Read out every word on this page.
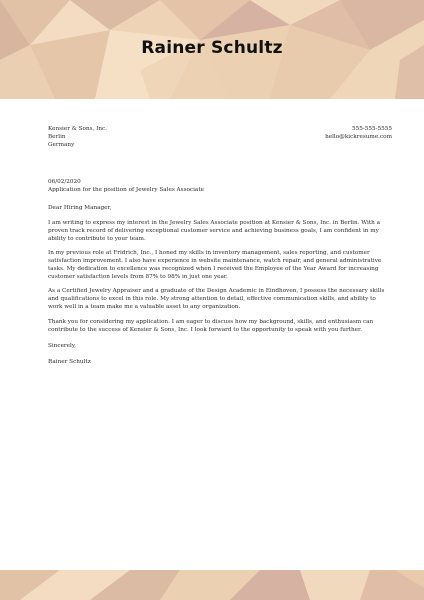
Rainer Schultz
Kensier & Sons, Inc.
Berlin
Germany
555-555-5555
hello@kickresume.com
06/02/2020
Application for the position of Jewelry Sales Associate
Dear Hiring Manager,

I am writing to express my interest in the Jewelry Sales Associate position at Kensier & Sons, Inc. in Berlin. With a proven track record of delivering exceptional customer service and achieving business goals, I am confident in my ability to contribute to your team.

In my previous role at Fridrich, Inc., I honed my skills in inventory management, sales reporting, and customer satisfaction improvement. I also have experience in website maintenance, watch repair, and general administrative tasks. My dedication to excellence was recognized when I received the Employee of the Year Award for increasing customer satisfaction levels from 87% to 98% in just one year.

As a Certified Jewelry Appraiser and a graduate of the Design Academic in Eindhoven, I possess the necessary skills and qualifications to excel in this role. My strong attention to detail, effective communication skills, and ability to work well in a team make me a valuable asset to any organization.

Thank you for considering my application. I am eager to discuss how my background, skills, and enthusiasm can contribute to the success of Kensier & Sons, Inc. I look forward to the opportunity to speak with you further.

Sincerely,
Rainer Schultz
